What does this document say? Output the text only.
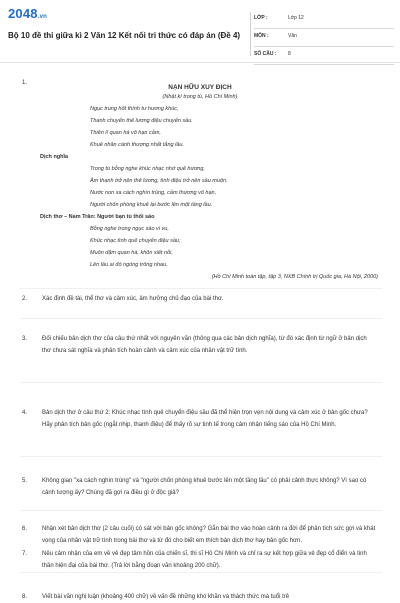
2048.vn
Bộ 10 đề thi giữa kì 2 Văn 12 Kết nối tri thức có đáp án (Đề 4)
LỚP :	Lớp 12
MÔN :	Văn
SỐ CÂU : 8
1.
NẠN HỮU XUY ĐỊCH
(Nhật kí trong tù, Hồ Chí Minh)
Ngục trung hốt thính tư hương khúc,
Thanh chuyển thê lương điệu chuyển sầu.
Thiên lí quan hà vô hạn cảm,
Khuê nhân cánh thượng nhất tằng lâu.
Dịch nghĩa
Trong tù bỗng nghe khúc nhạc nhớ quê hương,
Âm thanh trở nên thê lương, tình điệu trở nên sầu muộn.
Nước non xa cách nghìn trùng, cảm thương vô hạn,
Người chốn phòng khuê lại bước lên một tầng lầu.
Dịch thơ – Nam Trân: Người bạn tù thổi sáo
Bỗng nghe trong ngục sáo vi vu,
Khúc nhạc tình quê chuyển điệu sầu;
Muôn dặm quan hà, khôn xiết nỗi,
Lên lầu ai đó ngóng trông nhau.
(Hồ Chí Minh toàn tập, tập 3, NXB Chính trị Quốc gia, Hà Nội, 2000)
2. Xác định đề tài, thể thơ và cảm xúc, âm hưởng chủ đạo của bài thơ.
3. Đối chiếu bản dịch thơ của câu thứ nhất với nguyên văn (thông qua các bản dịch nghĩa), từ đó xác định từ ngữ ở bản dịch thơ chưa sát nghĩa và phân tích hoàn cảnh và cảm xúc của nhân vật trữ tình.
4. Bản dịch thơ ở câu thứ 2: Khúc nhạc tình quê chuyển điệu sầu đã thể hiện trọn vẹn nội dung và cảm xúc ở bản gốc chưa? Hãy phân tích bản gốc (ngắt nhịp, thanh điệu) để thấy rõ sự tinh tế trong cảm nhận tiếng sáo của Hồ Chí Minh.
5. Không gian "xa cách nghìn trùng" và "người chốn phòng khuê bước lên một tầng lầu" có phải cảnh thực không? Vì sao có cảnh tượng ấy? Chúng đã gợi ra điều gì ở độc giả?
6. Nhận xét bản dịch thơ (2 câu cuối) có sát với bản gốc không? Gắn bài thơ vào hoàn cảnh ra đời để phân tích sức gợi và khát vọng của nhân vật trữ tình trong bài thơ và từ đó cho biết em thích bản dịch thơ hay bản gốc hơn.
7. Nêu cảm nhận của em về vẻ đẹp tâm hồn của chiến sĩ, thi sĩ Hồ Chí Minh và chỉ ra sự kết hợp giữa vẻ đẹp cổ điển và tinh thần hiện đại của bài thơ. (Trả lời bằng đoạn văn khoảng 200 chữ).
8. Viết bài văn nghị luận (khoảng 400 chữ) về vấn đề những khó khăn và thách thức mà tuổi trẻ
